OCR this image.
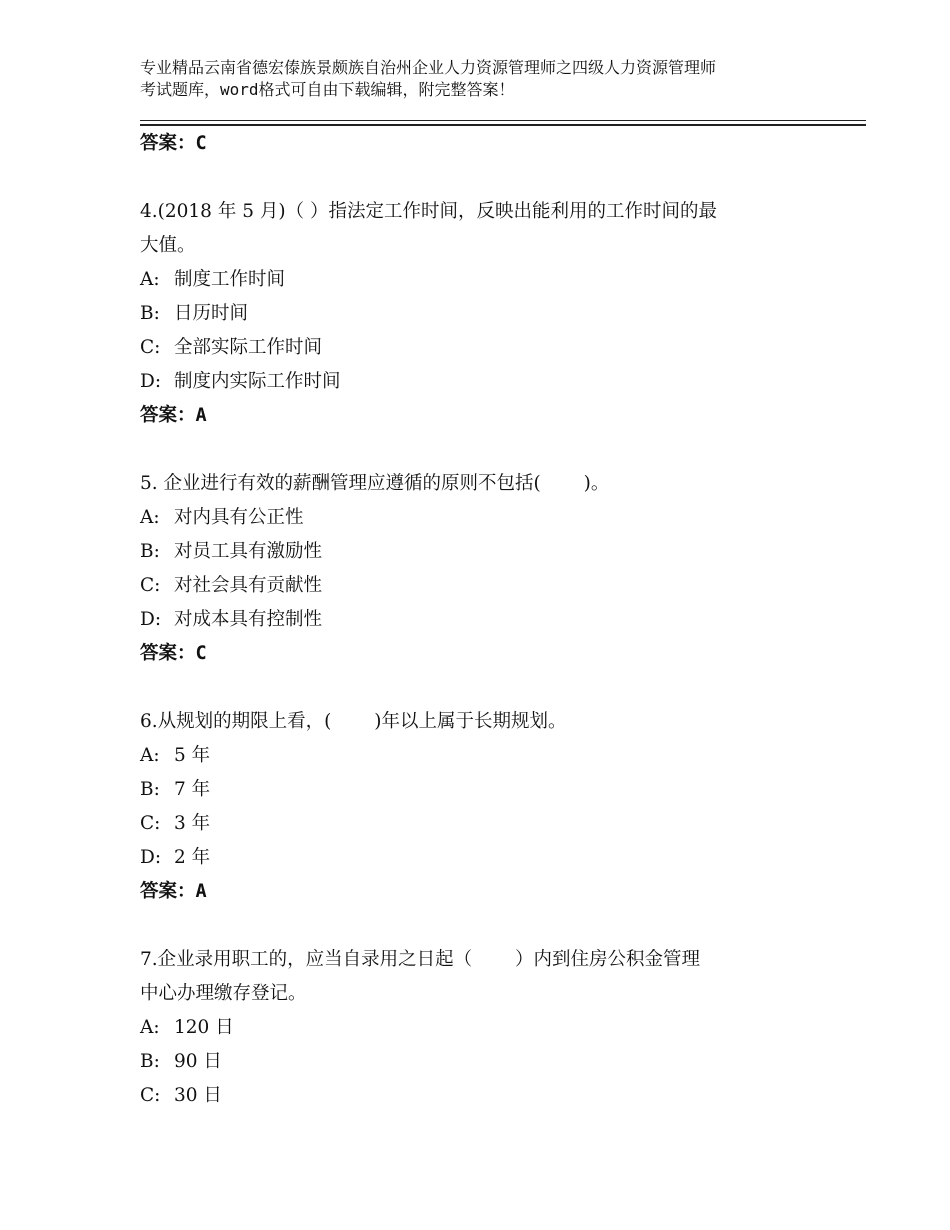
专业精品云南省德宏傣族景颇族自治州企业人力资源管理师之四级人力资源管理师
考试题库，word格式可自由下载编辑，附完整答案！
答案：C
4.(2018 年 5 月)（ ）指法定工作时间，反映出能利用的工作时间的最
大值。
A: 制度工作时间
B: 日历时间
C: 全部实际工作时间
D: 制度内实际工作时间
答案：A
5. 企业进行有效的薪酬管理应遵循的原则不包括(　　 )。
A: 对内具有公正性
B: 对员工具有激励性
C: 对社会具有贡献性
D: 对成本具有控制性
答案：C
6.从规划的期限上看，(　　 )年以上属于长期规划。
A: 5 年
B: 7 年
C: 3 年
D: 2 年
答案：A
7.企业录用职工的，应当自录用之日起（　　 ）内到住房公积金管理
中心办理缴存登记。
A: 120 日
B: 90 日
C: 30 日
